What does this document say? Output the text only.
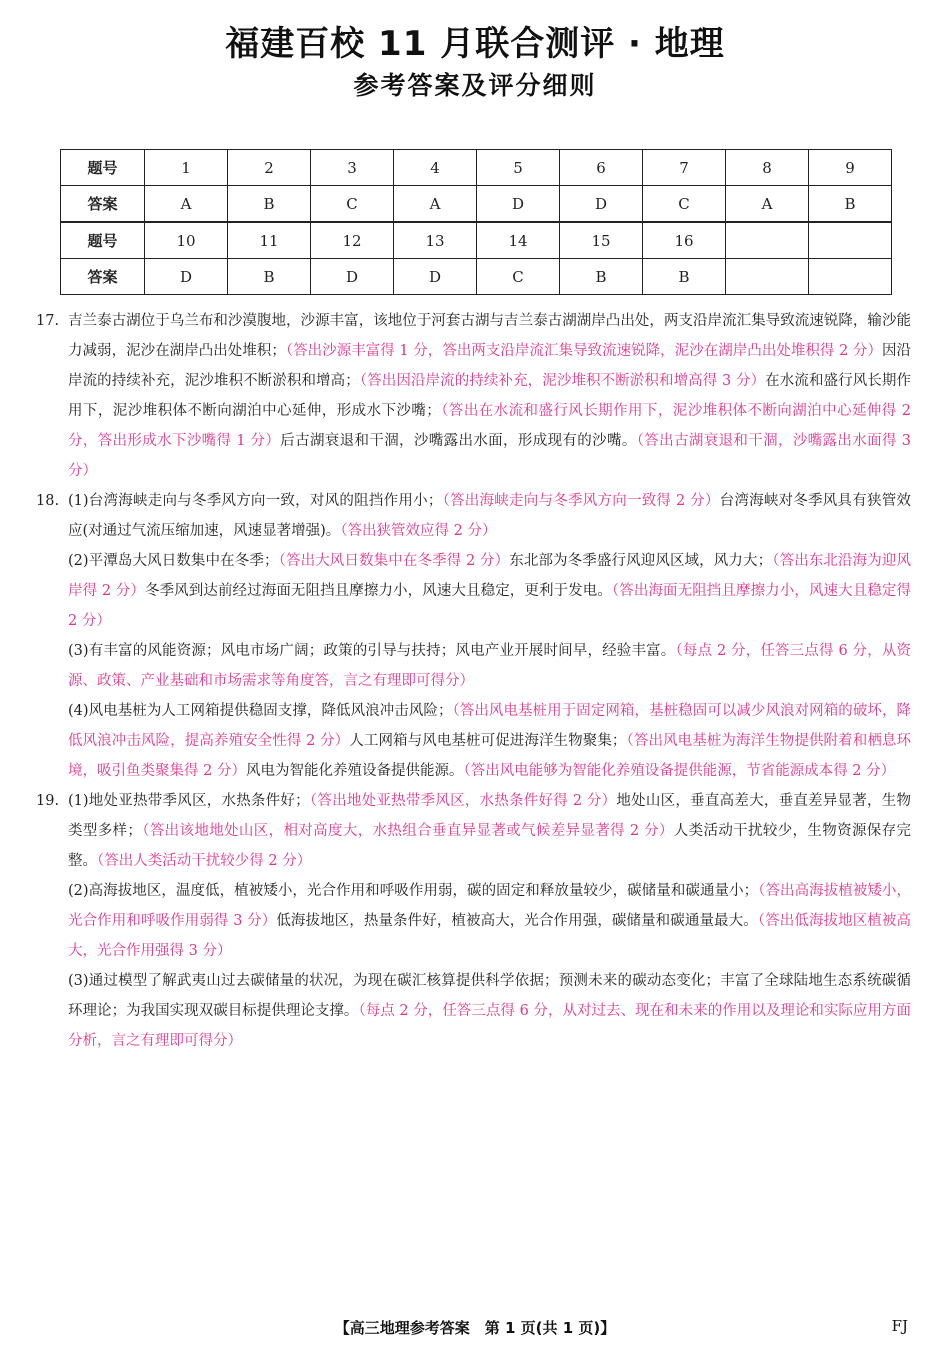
福建百校 11 月联合测评 · 地理
参考答案及评分细则
题号	1	2	3	4	5	6	7	8	9
答案	A	B	C	A	D	D	C	A	B
题号	10	11	12	13	14	15	16		
答案	D	B	D	D	C	B	B		
17. 吉兰泰古湖位于乌兰布和沙漠腹地，沙源丰富，该地位于河套古湖与吉兰泰古湖湖岸凸出处，两支沿岸流汇集导致流速锐降，输沙能力减弱，泥沙在湖岸凸出处堆积；（答出沙源丰富得 1 分，答出两支沿岸流汇集导致流速锐降，泥沙在湖岸凸出处堆积得 2 分）因沿岸流的持续补充，泥沙堆积不断淤积和增高；（答出因沿岸流的持续补充，泥沙堆积不断淤积和增高得 3 分）在水流和盛行风长期作用下，泥沙堆积体不断向湖泊中心延伸，形成水下沙嘴；（答出在水流和盛行风长期作用下，泥沙堆积体不断向湖泊中心延伸得 2 分，答出形成水下沙嘴得 1 分）后古湖衰退和干涸，沙嘴露出水面，形成现有的沙嘴。（答出古湖衰退和干涸，沙嘴露出水面得 3 分）

18. (1)台湾海峡走向与冬季风方向一致，对风的阻挡作用小；（答出海峡走向与冬季风方向一致得 2 分）台湾海峡对冬季风具有狭管效应(对通过气流压缩加速，风速显著增强)。（答出狭管效应得 2 分）

(2)平潭岛大风日数集中在冬季；（答出大风日数集中在冬季得 2 分）东北部为冬季盛行风迎风区域，风力大；（答出东北沿海为迎风岸得 2 分）冬季风到达前经过海面无阻挡且摩擦力小，风速大且稳定，更利于发电。（答出海面无阻挡且摩擦力小，风速大且稳定得 2 分）

(3)有丰富的风能资源；风电市场广阔；政策的引导与扶持；风电产业开展时间早，经验丰富。（每点 2 分，任答三点得 6 分，从资源、政策、产业基础和市场需求等角度答，言之有理即可得分）

(4)风电基桩为人工网箱提供稳固支撑，降低风浪冲击风险；（答出风电基桩用于固定网箱，基桩稳固可以减少风浪对网箱的破坏，降低风浪冲击风险，提高养殖安全性得 2 分）人工网箱与风电基桩可促进海洋生物聚集；（答出风电基桩为海洋生物提供附着和栖息环境，吸引鱼类聚集得 2 分）风电为智能化养殖设备提供能源。（答出风电能够为智能化养殖设备提供能源，节省能源成本得 2 分）

19. (1)地处亚热带季风区，水热条件好；（答出地处亚热带季风区，水热条件好得 2 分）地处山区，垂直高差大，垂直差异显著，生物类型多样；（答出该地地处山区，相对高度大，水热组合垂直异显著或气候差异显著得 2 分）人类活动干扰较少，生物资源保存完整。（答出人类活动干扰较少得 2 分）

(2)高海拔地区，温度低，植被矮小，光合作用和呼吸作用弱，碳的固定和释放量较少，碳储量和碳通量小；（答出高海拔植被矮小，光合作用和呼吸作用弱得 3 分）低海拔地区，热量条件好，植被高大，光合作用强，碳储量和碳通量最大。（答出低海拔地区植被高大，光合作用强得 3 分）

(3)通过模型了解武夷山过去碳储量的状况，为现在碳汇核算提供科学依据；预测未来的碳动态变化；丰富了全球陆地生态系统碳循环理论；为我国实现双碳目标提供理论支撑。（每点 2 分，任答三点得 6 分，从对过去、现在和未来的作用以及理论和实际应用方面分析，言之有理即可得分）

【高三地理参考答案　第 1 页(共 1 页)】	FJ
